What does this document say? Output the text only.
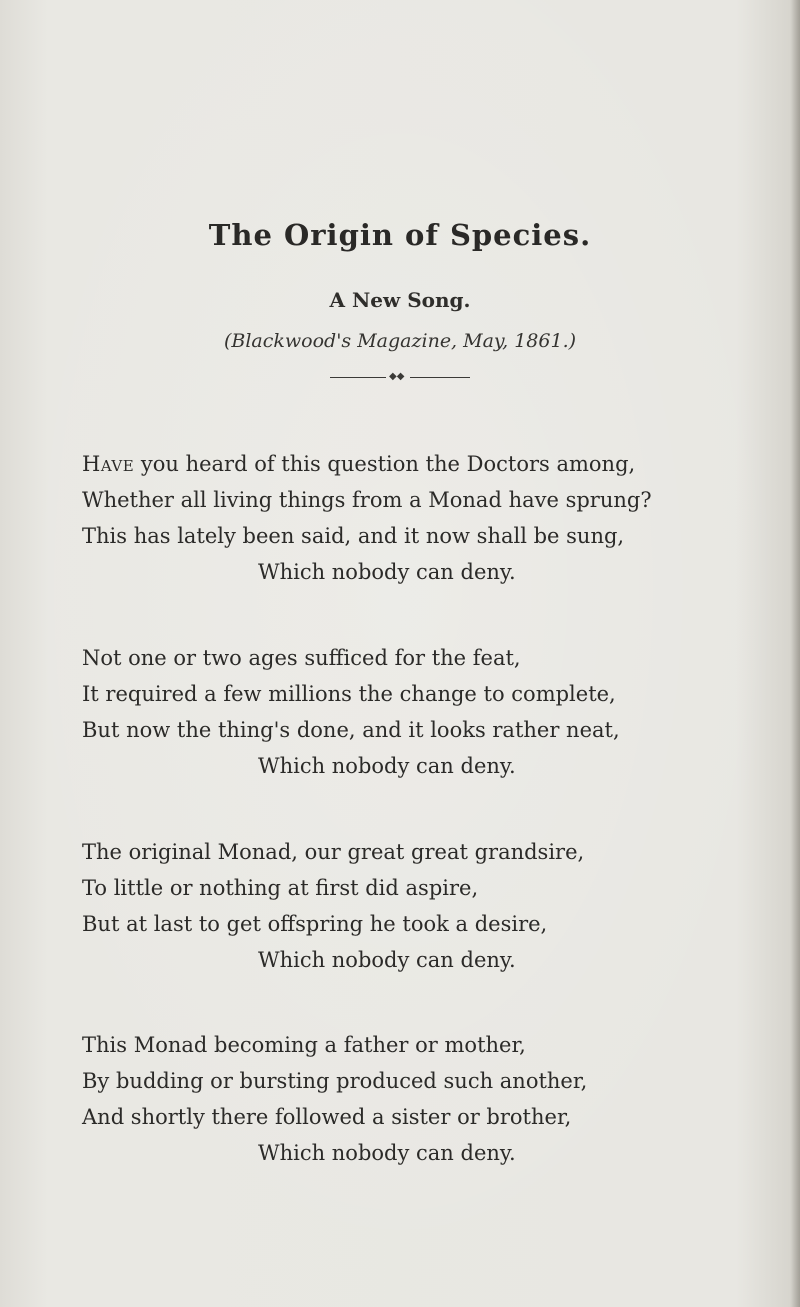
The Origin of Species.
A New Song.
(Blackwood's Magazine, May, 1861.)
◆◆
Have you heard of this question the Doctors among,
Whether all living things from a Monad have sprung?
This has lately been said, and it now shall be sung,
Which nobody can deny.
Not one or two ages sufficed for the feat,
It required a few millions the change to complete,
But now the thing's done, and it looks rather neat,
Which nobody can deny.
The original Monad, our great great grandsire,
To little or nothing at first did aspire,
But at last to get offspring he took a desire,
Which nobody can deny.
This Monad becoming a father or mother,
By budding or bursting produced such another,
And shortly there followed a sister or brother,
Which nobody can deny.
